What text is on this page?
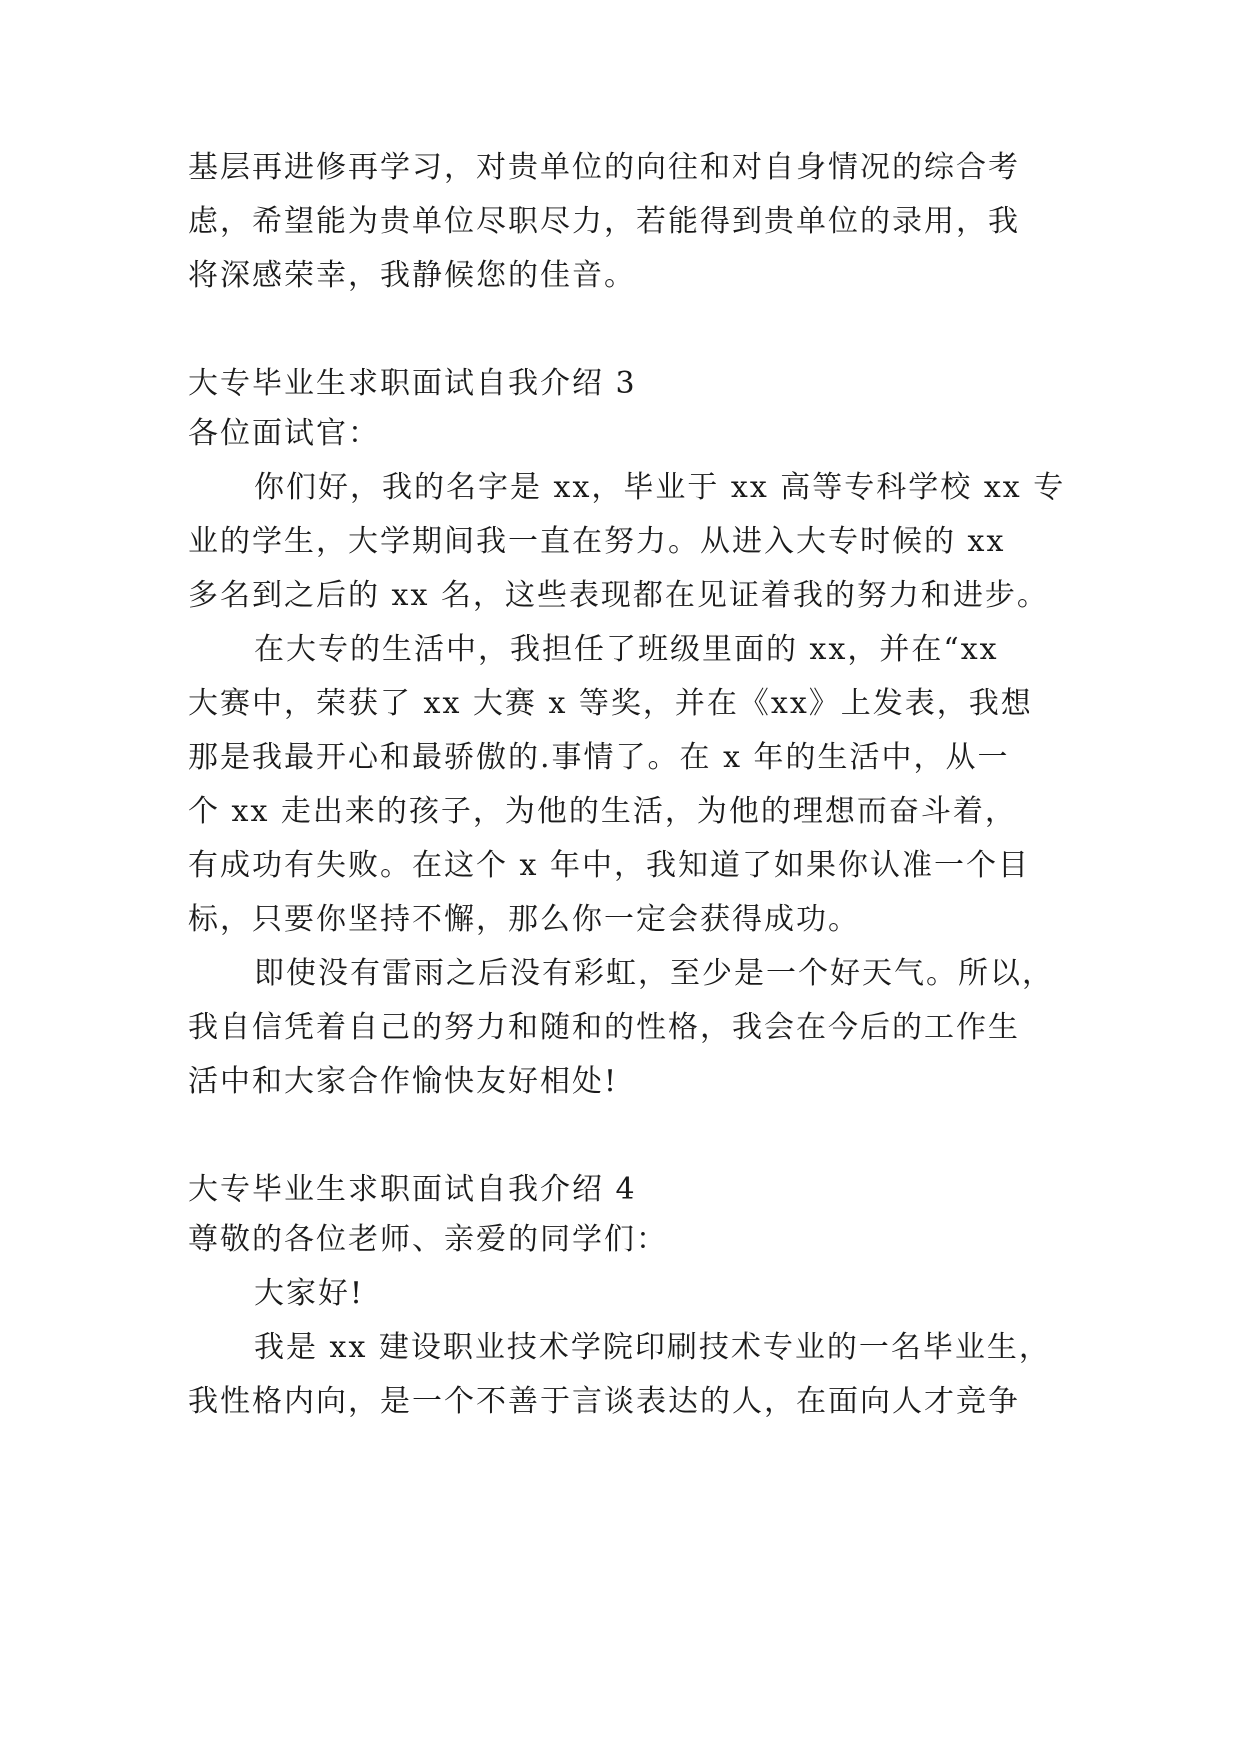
基层再进修再学习，对贵单位的向往和对自身情况的综合考
虑，希望能为贵单位尽职尽力，若能得到贵单位的录用，我
将深感荣幸，我静候您的佳音。
大专毕业生求职面试自我介绍 3
各位面试官：
你们好，我的名字是 xx，毕业于 xx 高等专科学校 xx 专
业的学生，大学期间我一直在努力。从进入大专时候的 xx
多名到之后的 xx 名，这些表现都在见证着我的努力和进步。
在大专的生活中，我担任了班级里面的 xx，并在“xx
大赛中，荣获了 xx 大赛 x 等奖，并在《xx》上发表，我想
那是我最开心和最骄傲的.事情了。在 x 年的生活中，从一
个 xx 走出来的孩子，为他的生活，为他的理想而奋斗着，
有成功有失败。在这个 x 年中，我知道了如果你认准一个目
标，只要你坚持不懈，那么你一定会获得成功。
即使没有雷雨之后没有彩虹，至少是一个好天气。所以，
我自信凭着自己的努力和随和的性格，我会在今后的工作生
活中和大家合作愉快友好相处!
大专毕业生求职面试自我介绍 4
尊敬的各位老师、亲爱的同学们：
大家好!
我是 xx 建设职业技术学院印刷技术专业的一名毕业生，
我性格内向，是一个不善于言谈表达的人，在面向人才竞争
